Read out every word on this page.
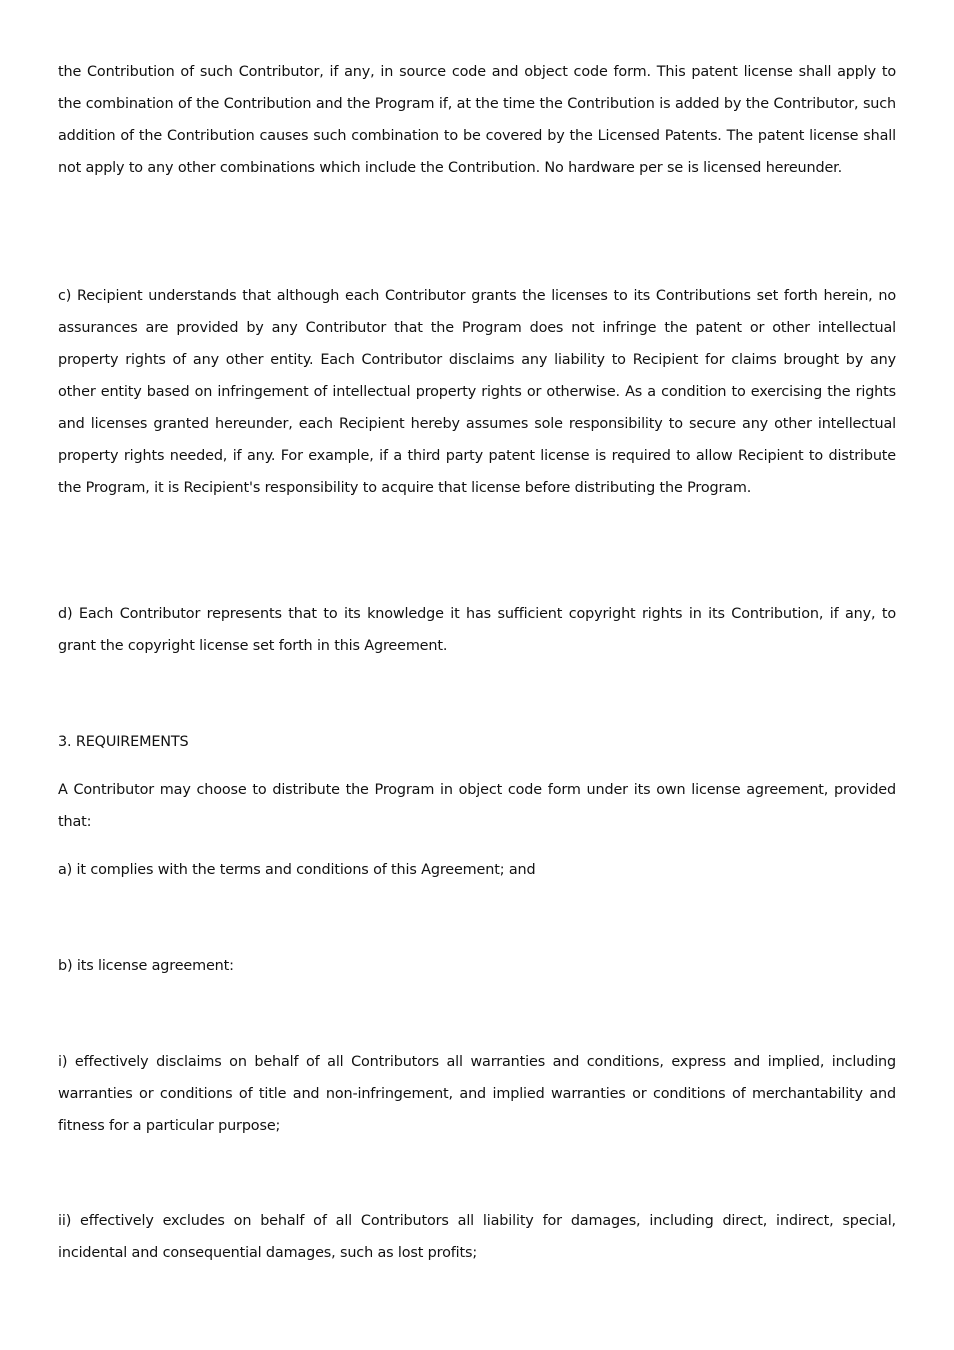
the Contribution of such Contributor, if any, in source code and object code form. This patent license shall apply to the combination of the Contribution and the Program if, at the time the Contribution is added by the Contributor, such addition of the Contribution causes such combination to be covered by the Licensed Patents. The patent license shall not apply to any other combinations which include the Contribution. No hardware per se is licensed hereunder.

c) Recipient understands that although each Contributor grants the licenses to its Contributions set forth herein, no assurances are provided by any Contributor that the Program does not infringe the patent or other intellectual property rights of any other entity. Each Contributor disclaims any liability to Recipient for claims brought by any other entity based on infringement of intellectual property rights or otherwise. As a condition to exercising the rights and licenses granted hereunder, each Recipient hereby assumes sole responsibility to secure any other intellectual property rights needed, if any. For example, if a third party patent license is required to allow Recipient to distribute the Program, it is Recipient's responsibility to acquire that license before distributing the Program.

d) Each Contributor represents that to its knowledge it has sufficient copyright rights in its Contribution, if any, to grant the copyright license set forth in this Agreement.

3. REQUIREMENTS

A Contributor may choose to distribute the Program in object code form under its own license agreement, provided that:

a) it complies with the terms and conditions of this Agreement; and

b) its license agreement:

i) effectively disclaims on behalf of all Contributors all warranties and conditions, express and implied, including warranties or conditions of title and non-infringement, and implied warranties or conditions of merchantability and fitness for a particular purpose;

ii) effectively excludes on behalf of all Contributors all liability for damages, including direct, indirect, special, incidental and consequential damages, such as lost profits;
